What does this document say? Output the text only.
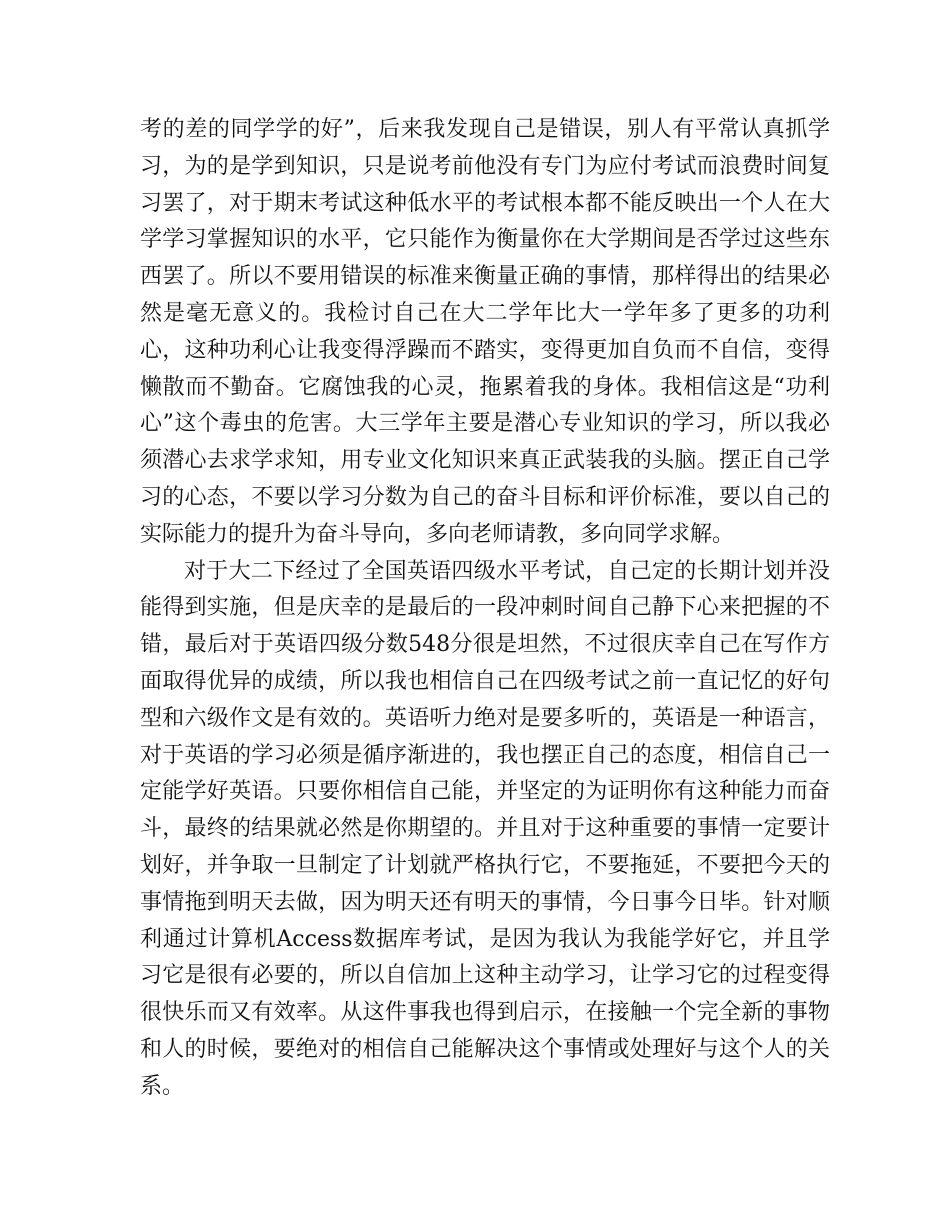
考的差的同学学的好”，后来我发现自己是错误，别人有平常认真抓学习，为的是学到知识，只是说考前他没有专门为应付考试而浪费时间复习罢了，对于期末考试这种低水平的考试根本都不能反映出一个人在大学学习掌握知识的水平，它只能作为衡量你在大学期间是否学过这些东西罢了。所以不要用错误的标准来衡量正确的事情，那样得出的结果必然是毫无意义的。我检讨自己在大二学年比大一学年多了更多的功利心，这种功利心让我变得浮躁而不踏实，变得更加自负而不自信，变得懒散而不勤奋。它腐蚀我的心灵，拖累着我的身体。我相信这是“功利心”这个毒虫的危害。大三学年主要是潜心专业知识的学习，所以我必须潜心去求学求知，用专业文化知识来真正武装我的头脑。摆正自己学习的心态，不要以学习分数为自己的奋斗目标和评价标准，要以自己的实际能力的提升为奋斗导向，多向老师请教，多向同学求解。

对于大二下经过了全国英语四级水平考试，自己定的长期计划并没能得到实施，但是庆幸的是最后的一段冲刺时间自己静下心来把握的不错，最后对于英语四级分数548分很是坦然，不过很庆幸自己在写作方面取得优异的成绩，所以我也相信自己在四级考试之前一直记忆的好句型和六级作文是有效的。英语听力绝对是要多听的，英语是一种语言，对于英语的学习必须是循序渐进的，我也摆正自己的态度，相信自己一定能学好英语。只要你相信自己能，并坚定的为证明你有这种能力而奋斗，最终的结果就必然是你期望的。并且对于这种重要的事情一定要计划好，并争取一旦制定了计划就严格执行它，不要拖延，不要把今天的事情拖到明天去做，因为明天还有明天的事情，今日事今日毕。针对顺利通过计算机Access数据库考试，是因为我认为我能学好它，并且学习它是很有必要的，所以自信加上这种主动学习，让学习它的过程变得很快乐而又有效率。从这件事我也得到启示，在接触一个完全新的事物和人的时候，要绝对的相信自己能解决这个事情或处理好与这个人的关系。
